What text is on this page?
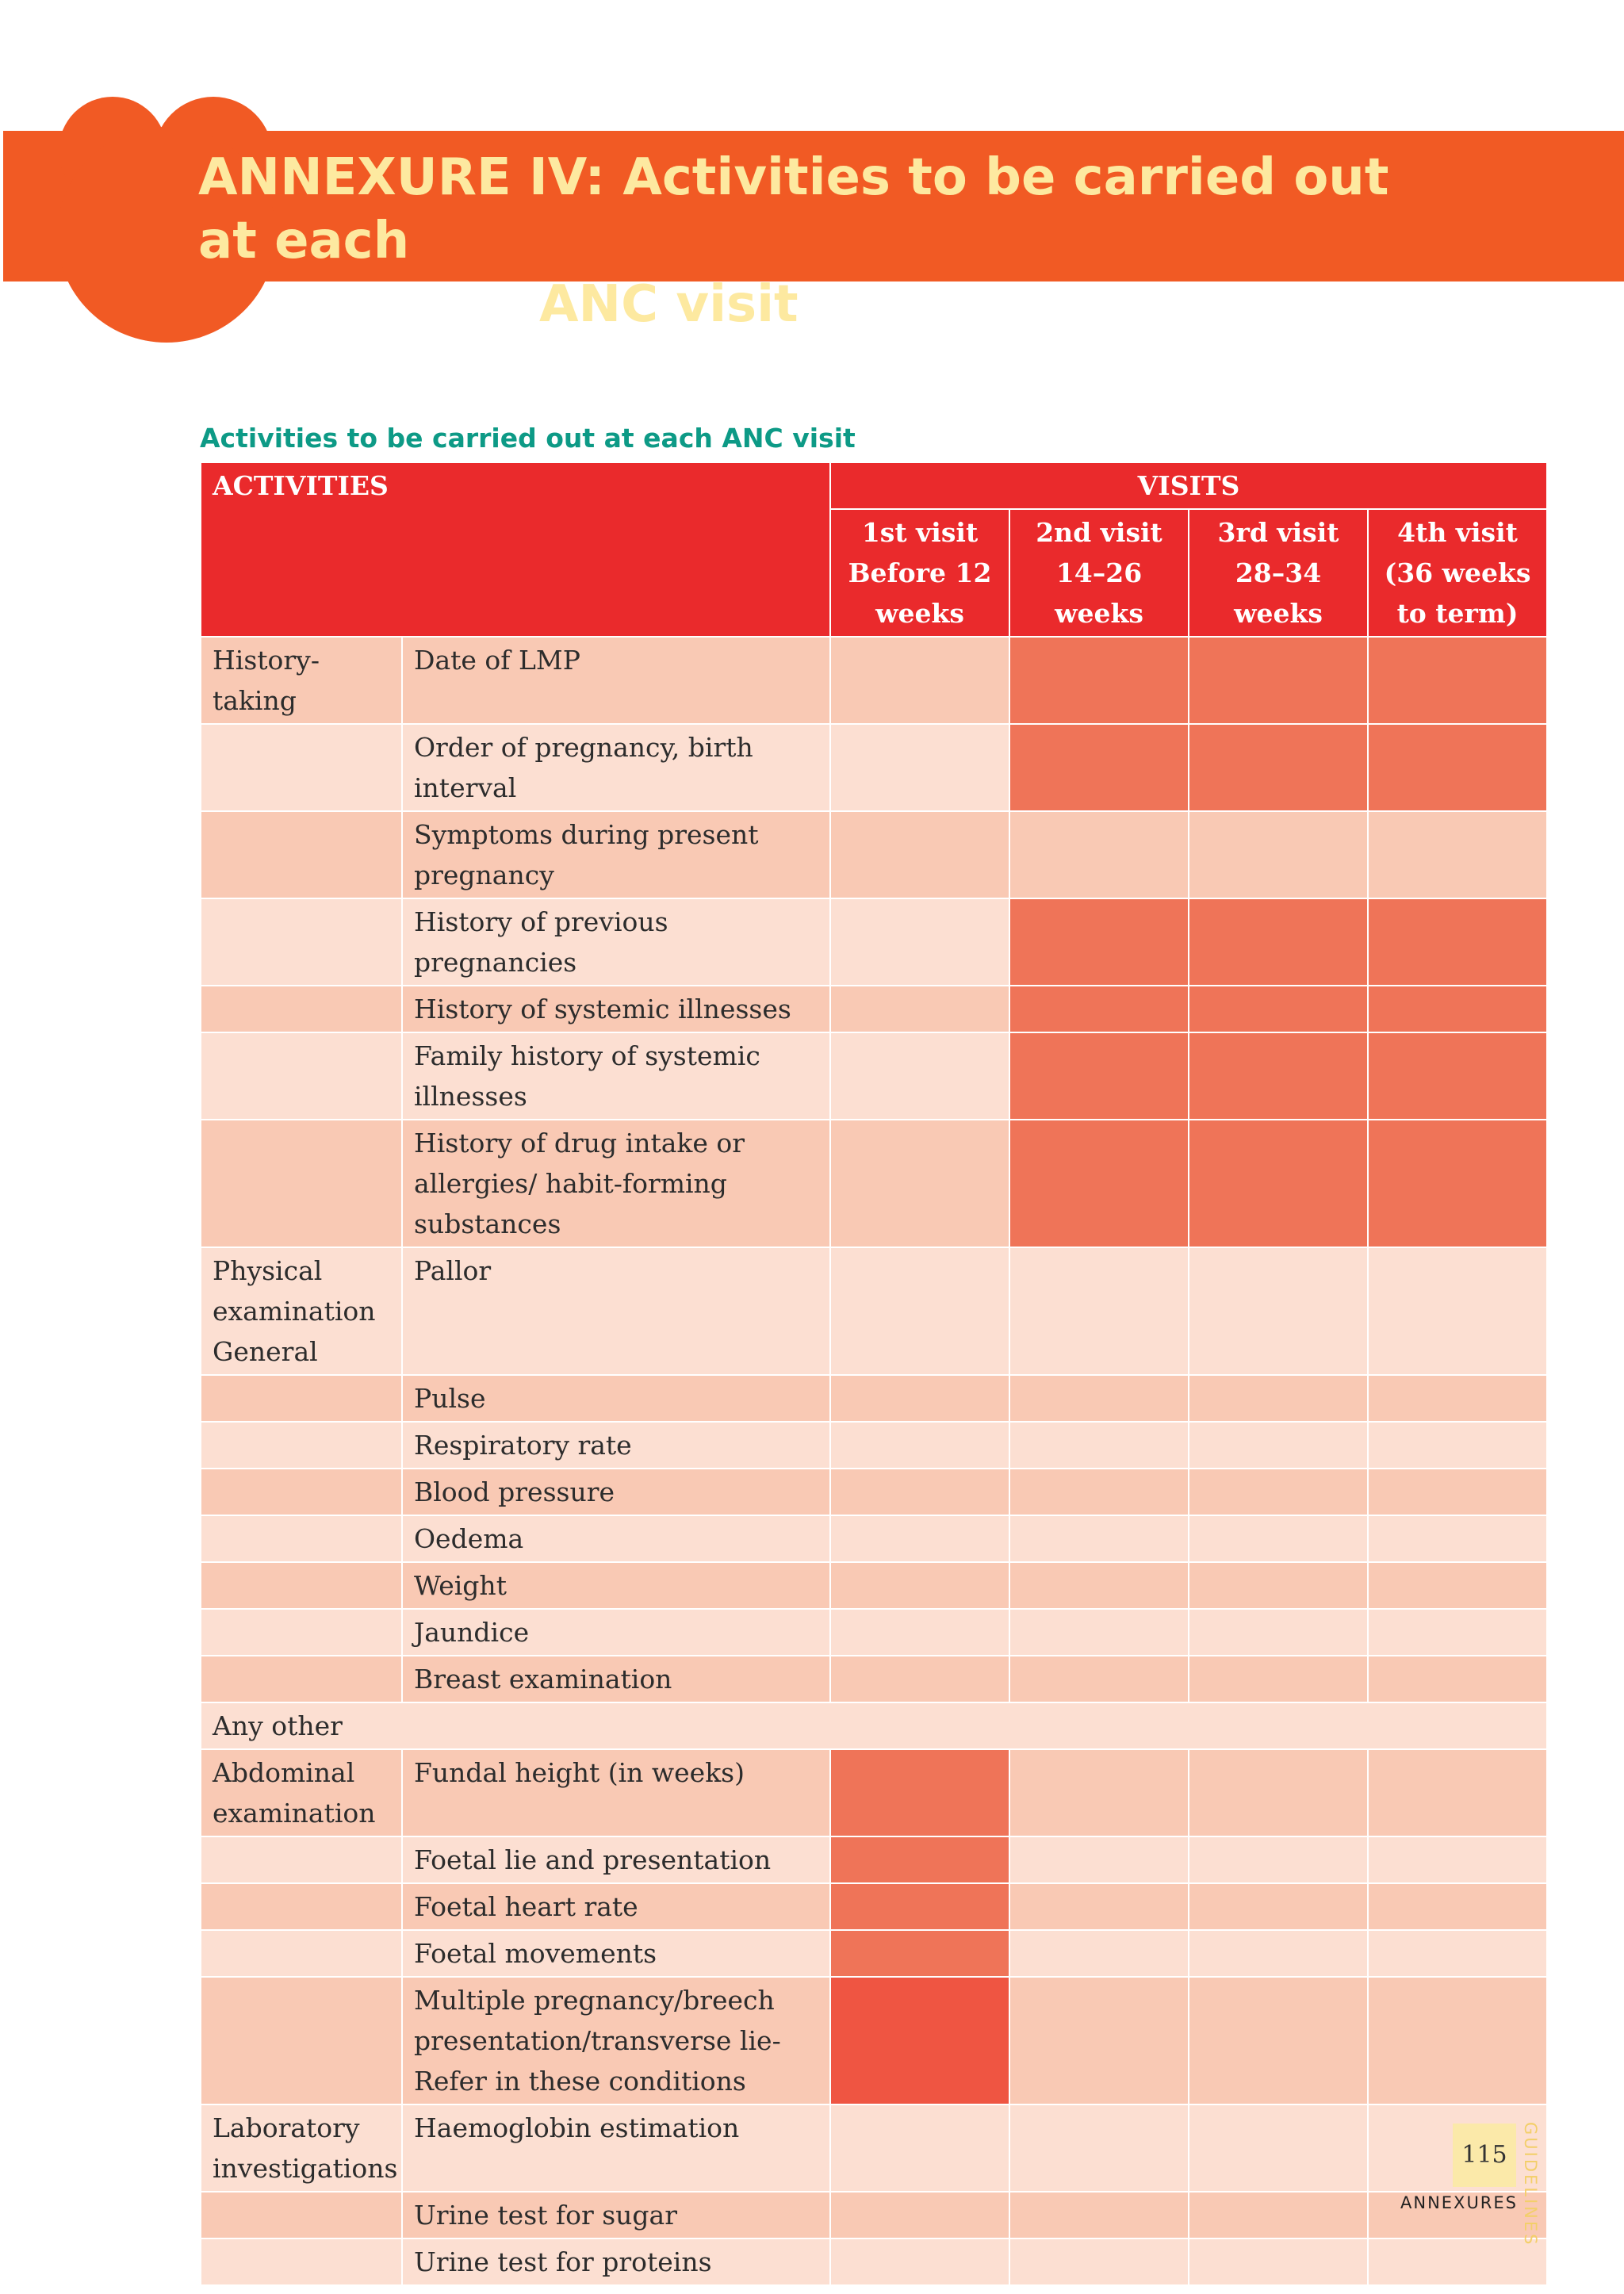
ANNEXURE IV: Activities to be carried out at each
ANC visit
Activities to be carried out at each ANC visit
ACTIVITIES		VISITS			
		1st visit Before 12 weeks	2nd visit 14–26 weeks	3rd visit 28–34 weeks	4th visit (36 weeks to term)
History-taking	Date of LMP				
	Order of pregnancy, birth interval				
	Symptoms during present pregnancy				
	History of previous pregnancies				
	History of systemic illnesses				
	Family history of systemic illnesses				
	History of drug intake or allergies/ habit-forming substances				
Physical examination General	Pallor				
	Pulse				
	Respiratory rate				
	Blood pressure				
	Oedema				
	Weight				
	Jaundice				
	Breast examination				
Any other					
Abdominal examination	Fundal height (in weeks)				
	Foetal lie and presentation				
	Foetal heart rate				
	Foetal movements				
	Multiple pregnancy/breech presentation/transverse lie-Refer in these conditions				
Laboratory investigations	Haemoglobin estimation				
	Urine test for sugar				
	Urine test for proteins				
115
ANNEXURES GUIDELINES
